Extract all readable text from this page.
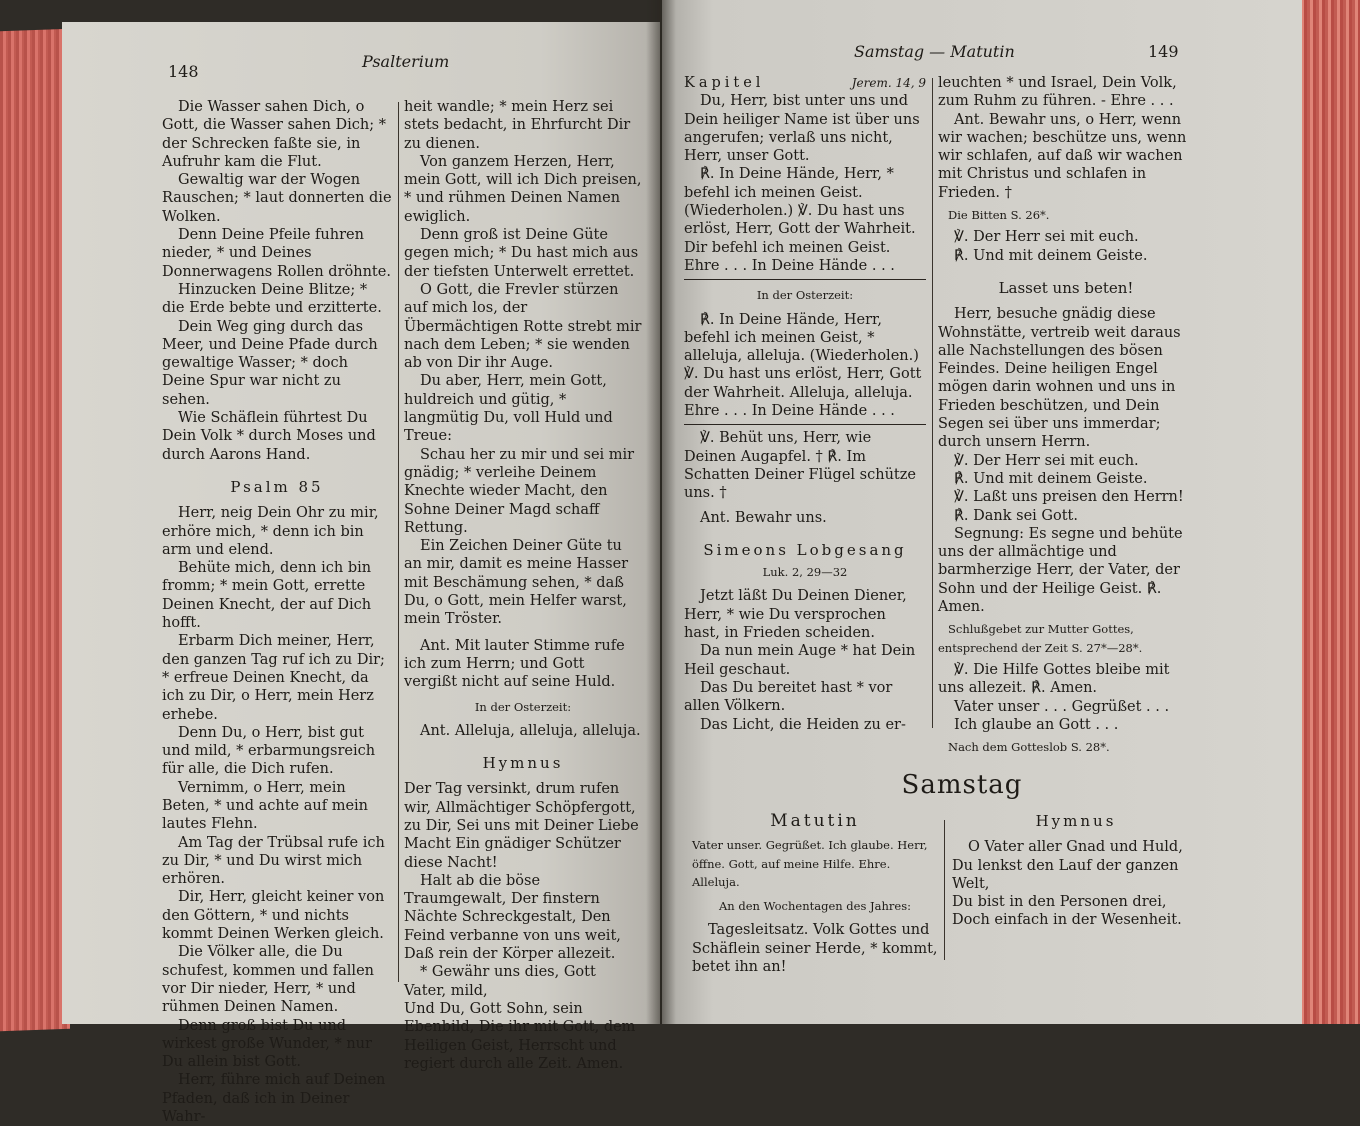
148
Psalterium

Die Wasser sahen Dich, o Gott, die Wasser sahen Dich; * der Schrecken faßte sie, in Aufruhr kam die Flut.

Gewaltig war der Wogen Rauschen; * laut donnerten die Wolken.

Denn Deine Pfeile fuhren nieder, * und Deines Donnerwagens Rollen dröhnte.

Hinzucken Deine Blitze; * die Erde bebte und erzitterte.

Dein Weg ging durch das Meer, und Deine Pfade durch gewaltige Wasser; * doch Deine Spur war nicht zu sehen.

Wie Schäflein führtest Du Dein Volk * durch Moses und durch Aarons Hand.

Psalm 85

Herr, neig Dein Ohr zu mir, erhöre mich, * denn ich bin arm und elend.

Behüte mich, denn ich bin fromm; * mein Gott, errette Deinen Knecht, der auf Dich hofft.

Erbarm Dich meiner, Herr, den ganzen Tag ruf ich zu Dir; * erfreue Deinen Knecht, da ich zu Dir, o Herr, mein Herz erhebe.

Denn Du, o Herr, bist gut und mild, * erbarmungsreich für alle, die Dich rufen.

Vernimm, o Herr, mein Beten, * und achte auf mein lautes Flehn.

Am Tag der Trübsal rufe ich zu Dir, * und Du wirst mich erhören.

Dir, Herr, gleicht keiner von den Göttern, * und nichts kommt Deinen Werken gleich.

Die Völker alle, die Du schufest, kommen und fallen vor Dir nieder, Herr, * und rühmen Deinen Namen.

Denn groß bist Du und wirkest große Wunder, * nur Du allein bist Gott.

Herr, führe mich auf Deinen Pfaden, daß ich in Deiner Wahr-

heit wandle; * mein Herz sei stets bedacht, in Ehrfurcht Dir zu dienen.

Von ganzem Herzen, Herr, mein Gott, will ich Dich preisen, * und rühmen Deinen Namen ewiglich.

Denn groß ist Deine Güte gegen mich; * Du hast mich aus der tiefsten Unterwelt errettet.

O Gott, die Frevler stürzen auf mich los, der Übermächtigen Rotte strebt mir nach dem Leben; * sie wenden ab von Dir ihr Auge.

Du aber, Herr, mein Gott, huldreich und gütig, * langmütig Du, voll Huld und Treue:

Schau her zu mir und sei mir gnädig; * verleihe Deinem Knechte wieder Macht, den Sohne Deiner Magd schaff Rettung.

Ein Zeichen Deiner Güte tu an mir, damit es meine Hasser mit Beschämung sehen, * daß Du, o Gott, mein Helfer warst, mein Tröster.

Ant. Mit lauter Stimme rufe ich zum Herrn; und Gott vergißt nicht auf seine Huld.

In der Osterzeit:

Ant. Alleluja, alleluja, alleluja.

Hymnus

Der Tag versinkt, drum rufen wir, Allmächtiger Schöpfergott, zu Dir, Sei uns mit Deiner Liebe Macht Ein gnädiger Schützer diese Nacht!

Halt ab die böse Traumgewalt, Der finstern Nächte Schreckgestalt, Den Feind verbanne von uns weit, Daß rein der Körper allezeit.

* Gewähr uns dies, Gott Vater, mild,

Und Du, Gott Sohn, sein Ebenbild, Die ihr mit Gott, dem Heiligen Geist, Herrscht und regiert durch alle Zeit. Amen.

Samstag — Matutin	149
Kapitel	Jerem. 14, 9

Du, Herr, bist unter uns und Dein heiliger Name ist über uns angerufen; verlaß uns nicht, Herr, unser Gott.

℟. In Deine Hände, Herr, * befehl ich meinen Geist. (Wiederholen.) ℣. Du hast uns erlöst, Herr, Gott der Wahrheit. Dir befehl ich meinen Geist. Ehre . . . In Deine Hände . . .

In der Osterzeit:

℟. In Deine Hände, Herr, befehl ich meinen Geist, * alleluja, alleluja. (Wiederholen.) ℣. Du hast uns erlöst, Herr, Gott der Wahrheit. Alleluja, alleluja. Ehre . . . In Deine Hände . . .

℣. Behüt uns, Herr, wie Deinen Augapfel. † ℟. Im Schatten Deiner Flügel schütze uns. †

Ant. Bewahr uns.

Simeons Lobgesang
Luk. 2, 29—32

Jetzt läßt Du Deinen Diener, Herr, * wie Du versprochen hast, in Frieden scheiden.

Da nun mein Auge * hat Dein Heil geschaut.

Das Du bereitet hast * vor allen Völkern.

Das Licht, die Heiden zu er-

leuchten * und Israel, Dein Volk, zum Ruhm zu führen. - Ehre . . .

Ant. Bewahr uns, o Herr, wenn wir wachen; beschütze uns, wenn wir schlafen, auf daß wir wachen mit Christus und schlafen in Frieden. †

Die Bitten S. 26*.

℣. Der Herr sei mit euch.

℟. Und mit deinem Geiste.

Lasset uns beten!

Herr, besuche gnädig diese Wohnstätte, vertreib weit daraus alle Nachstellungen des bösen Feindes. Deine heiligen Engel mögen darin wohnen und uns in Frieden beschützen, und Dein Segen sei über uns immerdar; durch unsern Herrn.

℣. Der Herr sei mit euch.

℟. Und mit deinem Geiste.

℣. Laßt uns preisen den Herrn!

℟. Dank sei Gott.

Segnung: Es segne und behüte uns der allmächtige und barmherzige Herr, der Vater, der Sohn und der Heilige Geist. ℟. Amen.

Schlußgebet zur Mutter Gottes, entsprechend der Zeit S. 27*—28*.

℣. Die Hilfe Gottes bleibe mit uns allezeit. ℟. Amen.

Vater unser . . . Gegrüßet . . .

Ich glaube an Gott . . .

Nach dem Gotteslob S. 28*.
Samstag
Matutin
Vater unser. Gegrüßet. Ich glaube. Herr, öffne. Gott, auf meine Hilfe. Ehre. Alleluja.
An den Wochentagen des Jahres:

Tagesleitsatz. Volk Gottes und Schäflein seiner Herde, * kommt, betet ihn an!

Hymnus

O Vater aller Gnad und Huld,

Du lenkst den Lauf der ganzen Welt,

Du bist in den Personen drei,

Doch einfach in der Wesenheit.
